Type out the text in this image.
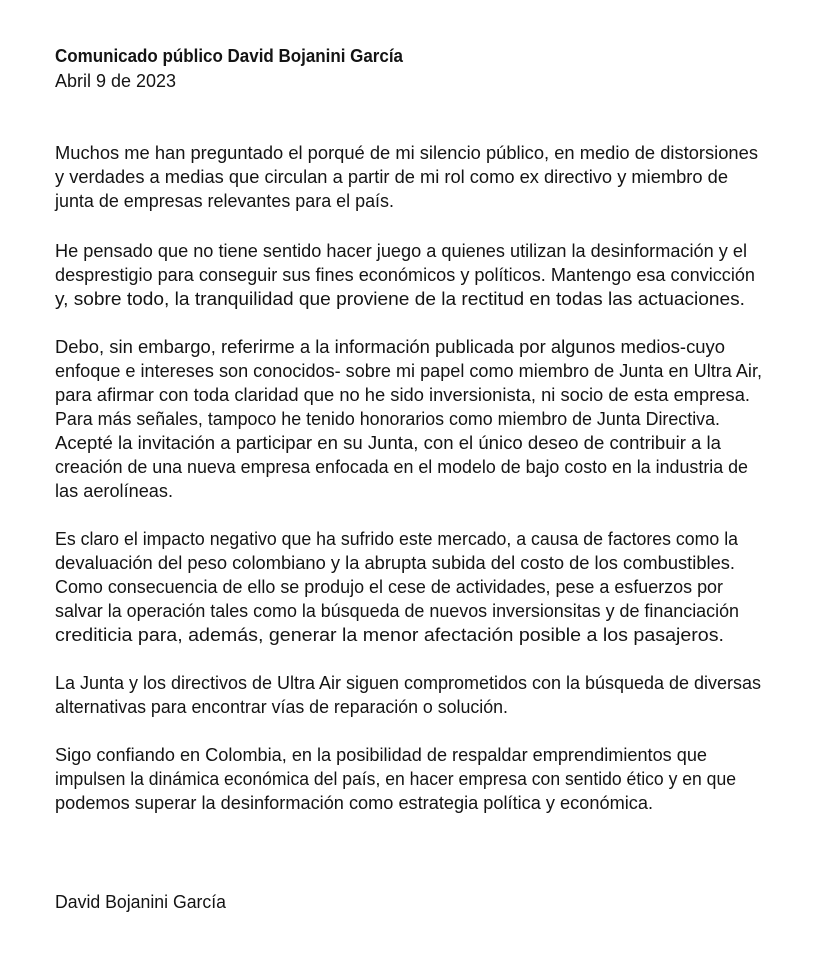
Comunicado público David Bojanini García
Abril 9 de 2023
Muchos me han preguntado el porqué de mi silencio público, en medio de distorsiones
y verdades a medias que circulan a partir de mi rol como ex directivo y miembro de
junta de empresas relevantes para el país.
He pensado que no tiene sentido hacer juego a quienes utilizan la desinformación y el
desprestigio para conseguir sus fines económicos y políticos. Mantengo esa convicción
y, sobre todo, la tranquilidad que proviene de la rectitud en todas las actuaciones.
Debo, sin embargo, referirme a la información publicada por algunos medios-cuyo
enfoque e intereses son conocidos- sobre mi papel como miembro de Junta en Ultra Air,
para afirmar con toda claridad que no he sido inversionista, ni socio de esta empresa.
Para más señales, tampoco he tenido honorarios como miembro de Junta Directiva.
Acepté la invitación a participar en su Junta, con el único deseo de contribuir a la
creación de una nueva empresa enfocada en el modelo de bajo costo en la industria de
las aerolíneas.
Es claro el impacto negativo que ha sufrido este mercado, a causa de factores como la
devaluación del peso colombiano y la abrupta subida del costo de los combustibles.
Como consecuencia de ello se produjo el cese de actividades, pese a esfuerzos por
salvar la operación tales como la búsqueda de nuevos inversionsitas y de financiación
crediticia para, además, generar la menor afectación posible a los pasajeros.
La Junta y los directivos de Ultra Air siguen comprometidos con la búsqueda de diversas
alternativas para encontrar vías de reparación o solución.
Sigo confiando en Colombia, en la posibilidad de respaldar emprendimientos que
impulsen la dinámica económica del país, en hacer empresa con sentido ético y en que
podemos superar la desinformación como estrategia política y económica.
David Bojanini García
